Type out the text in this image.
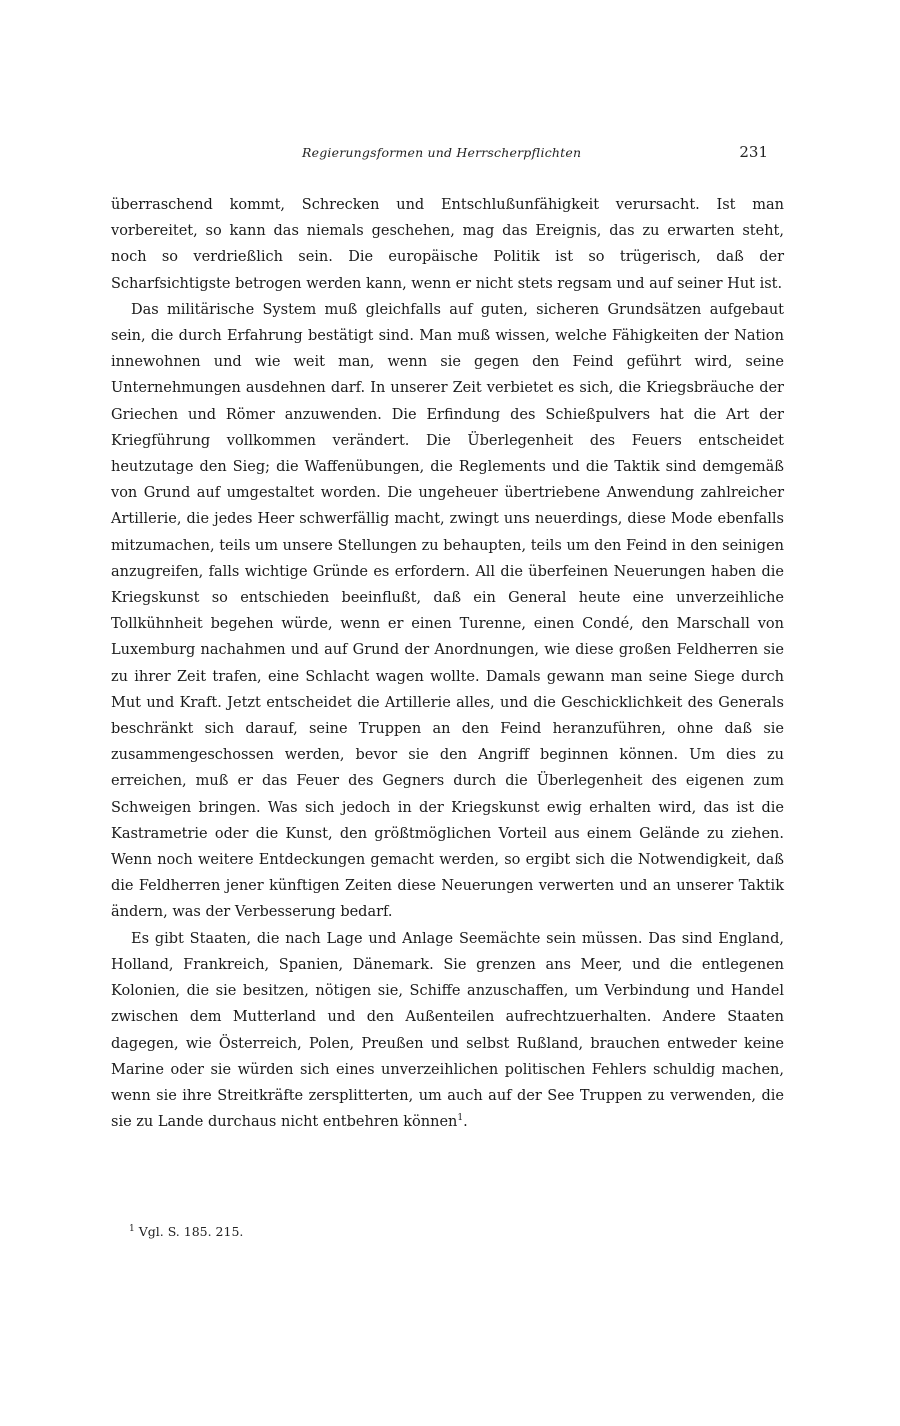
Regierungsformen und Herrscherpflichten	231

überraschend kommt, Schrecken und Entschlußunfähigkeit verursacht. Ist man vorbereitet, so kann das niemals geschehen, mag das Ereignis, das zu erwarten steht, noch so verdrießlich sein. Die europäische Politik ist so trügerisch, daß der Scharfsichtigste betrogen werden kann, wenn er nicht stets regsam und auf seiner Hut ist.

Das militärische System muß gleichfalls auf guten, sicheren Grundsätzen aufgebaut sein, die durch Erfahrung bestätigt sind. Man muß wissen, welche Fähigkeiten der Nation innewohnen und wie weit man, wenn sie gegen den Feind geführt wird, seine Unternehmungen ausdehnen darf. In unserer Zeit verbietet es sich, die Kriegsbräuche der Griechen und Römer anzuwenden. Die Erfindung des Schießpulvers hat die Art der Kriegführung vollkommen verändert. Die Überlegenheit des Feuers entscheidet heutzutage den Sieg; die Waffenübungen, die Reglements und die Taktik sind demgemäß von Grund auf umgestaltet worden. Die ungeheuer übertriebene Anwendung zahlreicher Artillerie, die jedes Heer schwerfällig macht, zwingt uns neuerdings, diese Mode ebenfalls mitzumachen, teils um unsere Stellungen zu behaupten, teils um den Feind in den seinigen anzugreifen, falls wichtige Gründe es erfordern. All die überfeinen Neuerungen haben die Kriegskunst so entschieden beeinflußt, daß ein General heute eine unverzeihliche Tollkühnheit begehen würde, wenn er einen Turenne, einen Condé, den Marschall von Luxemburg nachahmen und auf Grund der Anordnungen, wie diese großen Feldherren sie zu ihrer Zeit trafen, eine Schlacht wagen wollte. Damals gewann man seine Siege durch Mut und Kraft. Jetzt entscheidet die Artillerie alles, und die Geschicklichkeit des Generals beschränkt sich darauf, seine Truppen an den Feind heranzuführen, ohne daß sie zusammengeschossen werden, bevor sie den Angriff beginnen können. Um dies zu erreichen, muß er das Feuer des Gegners durch die Überlegenheit des eigenen zum Schweigen bringen. Was sich jedoch in der Kriegskunst ewig erhalten wird, das ist die Kastrametrie oder die Kunst, den größtmöglichen Vorteil aus einem Gelände zu ziehen. Wenn noch weitere Entdeckungen gemacht werden, so ergibt sich die Notwendigkeit, daß die Feldherren jener künftigen Zeiten diese Neuerungen verwerten und an unserer Taktik ändern, was der Verbesserung bedarf.

Es gibt Staaten, die nach Lage und Anlage Seemächte sein müssen. Das sind England, Holland, Frankreich, Spanien, Dänemark. Sie grenzen ans Meer, und die entlegenen Kolonien, die sie besitzen, nötigen sie, Schiffe anzuschaffen, um Verbindung und Handel zwischen dem Mutterland und den Außenteilen aufrechtzuerhalten. Andere Staaten dagegen, wie Österreich, Polen, Preußen und selbst Rußland, brauchen entweder keine Marine oder sie würden sich eines unverzeihlichen politischen Fehlers schuldig machen, wenn sie ihre Streitkräfte zersplitterten, um auch auf der See Truppen zu verwenden, die sie zu Lande durchaus nicht entbehren können$^1$.

$^1$ Vgl. S. 185. 215.
